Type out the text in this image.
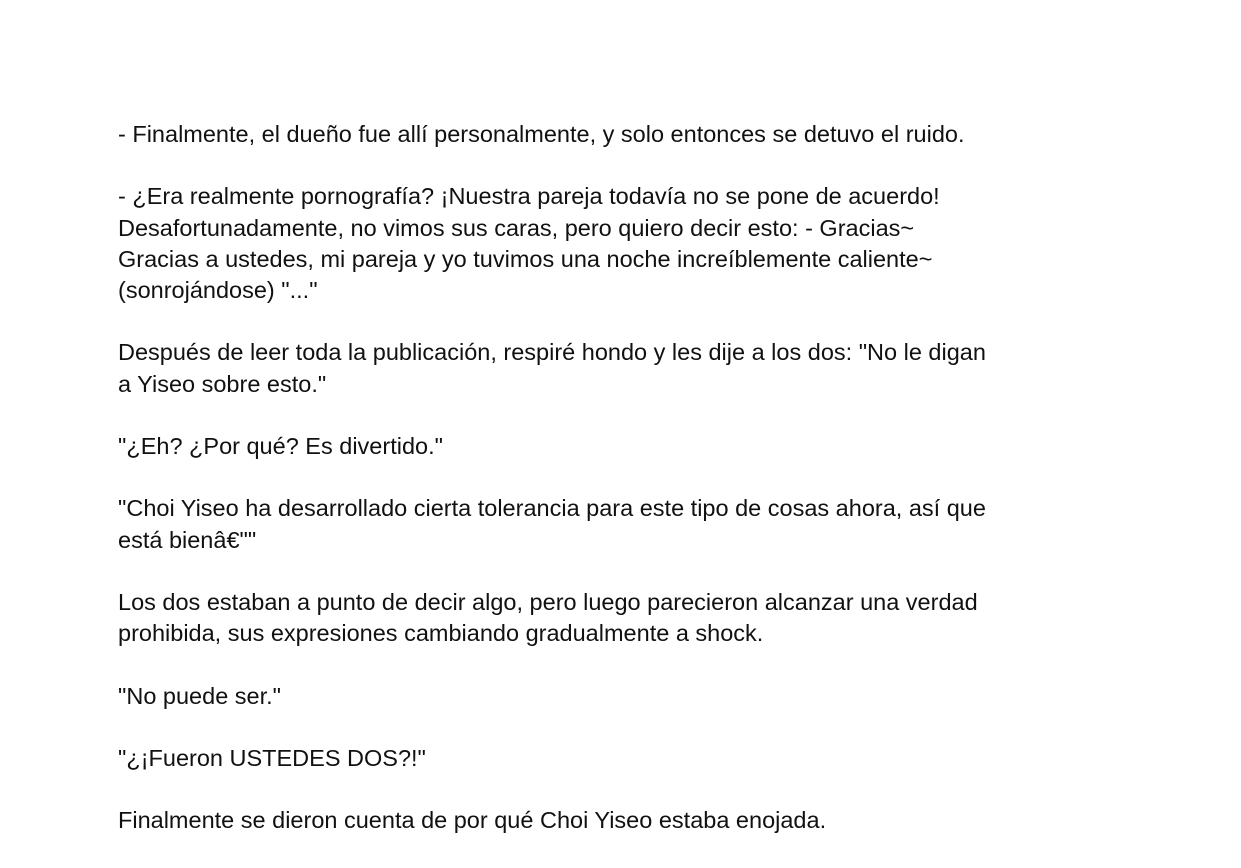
- Finalmente, el dueño fue allí personalmente, y solo entonces se detuvo el ruido.

- ¿Era realmente pornografía? ¡Nuestra pareja todavía no se pone de acuerdo!
Desafortunadamente, no vimos sus caras, pero quiero decir esto: - Gracias~
Gracias a ustedes, mi pareja y yo tuvimos una noche increíblemente caliente~
(sonrojándose) "..."

Después de leer toda la publicación, respiré hondo y les dije a los dos: "No le digan
a Yiseo sobre esto."

"¿Eh? ¿Por qué? Es divertido."

"Choi Yiseo ha desarrollado cierta tolerancia para este tipo de cosas ahora, así que
está bienâ€""

Los dos estaban a punto de decir algo, pero luego parecieron alcanzar una verdad
prohibida, sus expresiones cambiando gradualmente a shock.

"No puede ser."

"¿¡Fueron USTEDES DOS?!"

Finalmente se dieron cuenta de por qué Choi Yiseo estaba enojada.
